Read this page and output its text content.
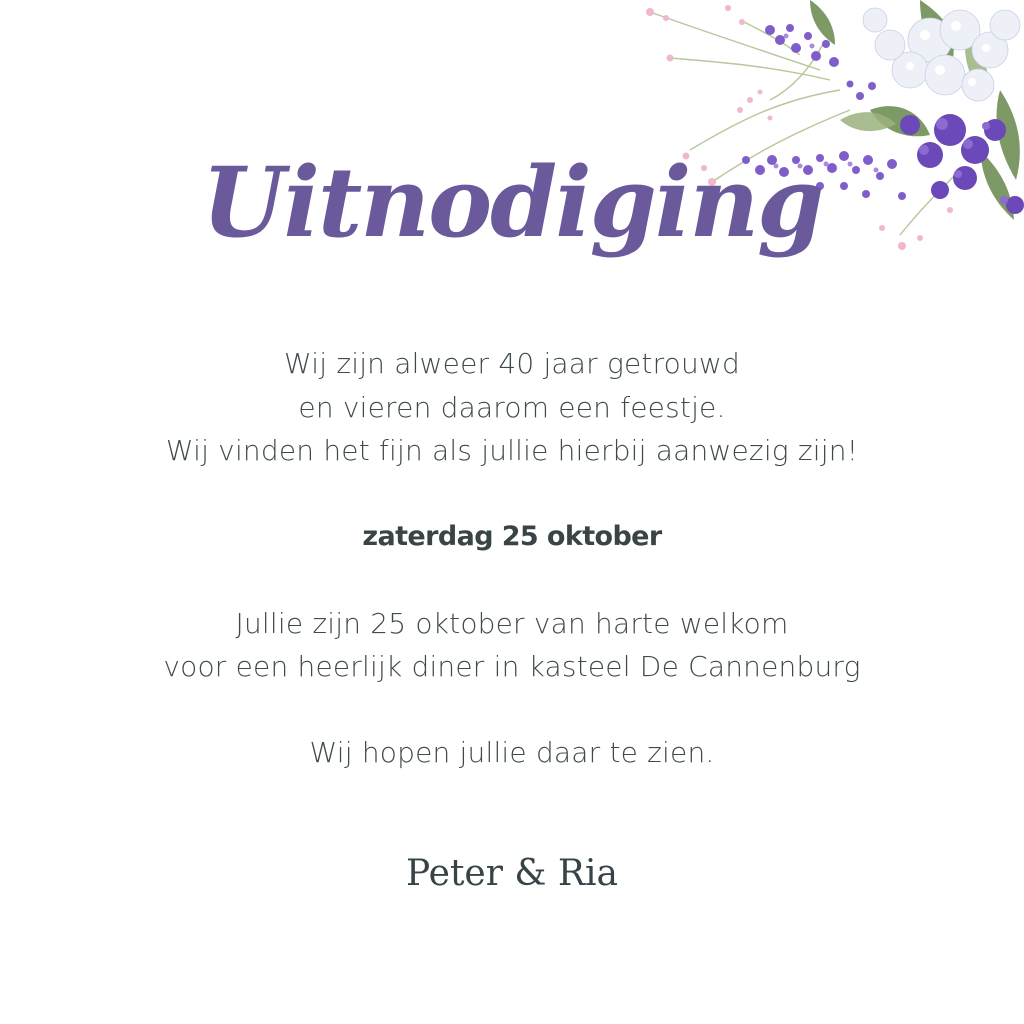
Uitnodiging
Wij zijn alweer 40 jaar getrouwd
en vieren daarom een feestje.
Wij vinden het fijn als jullie hierbij aanwezig zijn!
zaterdag 25 oktober
Jullie zijn 25 oktober van harte welkom
voor een heerlijk diner in kasteel De Cannenburg
Wij hopen jullie daar te zien.
Peter & Ria
